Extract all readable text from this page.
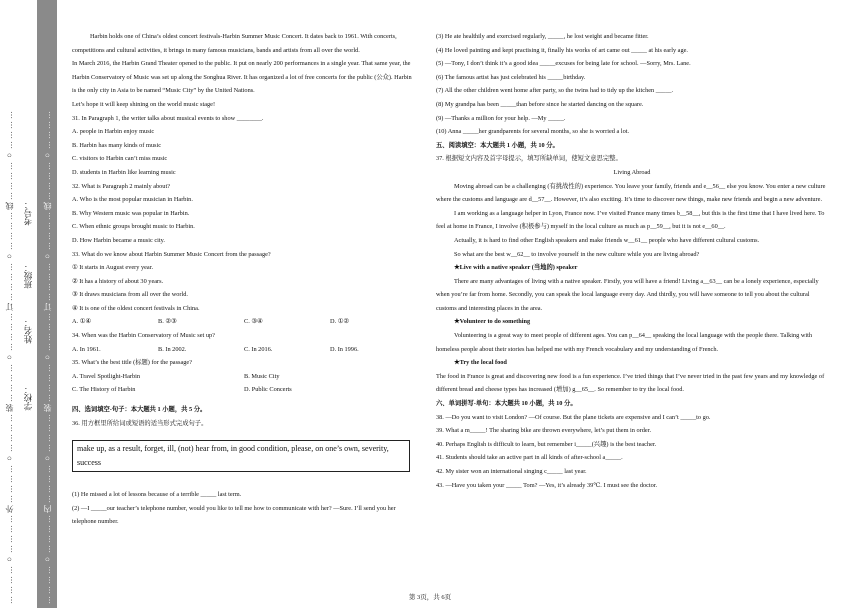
…………○…………外…………○…………装…………○…………订…………○…………线…………○…………	…………○…………内…………○…………装…………○…………订…………○…………线…………○…………
学校：
姓名：
班级：
考号：

Harbin holds one of China’s oldest concert festivals-Harbin Summer Music Concert. It dates back to 1961. With concerts, competitions and cultural activities, it brings in many famous musicians, bands and artists from all over the world.

In March 2016, the Harbin Grand Theater opened to the public. It put on nearly 200 performances in a single year. That same year, the Harbin Conservatory of Music was set up along the Songhua River. It has organized a lot of free concerts for the public (公众). Harbin is the only city in Asia to be named “Music City” by the United Nations.

Let’s hope it will keep shining on the world music stage!

31. In Paragraph 1, the writer talks about musical events to show ________.

A. people in Harbin enjoy music

B. Harbin has many kinds of music

C. visitors to Harbin can’t miss music

D. students in Harbin like learning music

32. What is Paragraph 2 mainly about?

A. Who is the most popular musician in Harbin.

B. Why Western music was popular in Harbin.

C. When ethnic groups brought music to Harbin.

D. How Harbin became a music city.

33. What do we know about Harbin Summer Music Concert from the passage?

① It starts in August every year.

② It has a history of about 30 years.

③ It draws musicians from all over the world.

④ It is one of the oldest concert festivals in China.

A. ①④	B. ②③	C. ③④	D. ①②

34. When was the Harbin Conservatory of Music set up?

A. In 1961.	B. In 2002.	C. In 2016.	D. In 1996.

35. What’s the best title (标题) for the passage?

A. Travel Spotlight-Harbin	B. Music City
C. The History of Harbin	D. Public Concerts

四、选词填空-句子：本大题共 1 小题，共 5 分。

36. 用方框里所给词或短语的适当形式完成句子。

make up, as a result, forget, ill, (not) hear from, in good condition, please, on one’s own, severity, success

(1) He missed a lot of lessons because of a terrible _____ last term.

(2) —I _____our teacher’s telephone number, would you like to tell me how to communicate with her? —Sure. I’ll send you her telephone number.

(3) He ate healthily and exercised regularly, _____, he lost weight and became fitter.

(4) He loved painting and kept practising it, finally his works of art came out _____ at his early age.

(5) —Tony, I don’t think it’s a good idea _____excuses for being late for school. —Sorry, Mrs. Lane.

(6) The famous artist has just celebrated his _____birthday.

(7) All the other children went home after party, so the twins had to tidy up the kitchen _____.

(8) My grandpa has been _____than before since he started dancing on the square.

(9) —Thanks a million for your help. —My _____.

(10) Anna _____her grandparents for several months, so she is worried a lot.

五、阅读填空：本大题共 1 小题，共 10 分。

37. 根据短文内容及首字母提示，填写所缺单词，使短文意思完整。

Living Abroad

Moving abroad can be a challenging (有挑战性的) experience. You leave your family, friends and e__56__ else you know. You enter a new culture where the customs and language are d__57__. However, it’s also exciting. It’s time to discover new things, make new friends and begin a new adventure.

I am working as a language helper in Lyon, France now. I’ve visited France many times b__58__, but this is the first time that I have lived here. To feel at home in France, I involve (积极参与) myself in the local culture as much as p__59__, but it is not e__60__.

Actually, it is hard to find other English speakers and make friends w__61__ people who have different cultural customs.

So what are the best w__62__ to involve yourself in the new culture while you are living abroad?

★Live with a native speaker (当地的) speaker

There are many advantages of living with a native speaker. Firstly, you will have a friend! Living a__63__ can be a lonely experience, especially when you’re far from home. Secondly, you can speak the local language every day. And thirdly, you will have someone to tell you about the cultural customs and interesting places in the area.

★Volunteer to do something

Volunteering is a great way to meet people of different ages. You can p__64__ speaking the local language with the people there. Talking with homeless people about their stories has helped me with my French vocabulary and my understanding of French.

★Try the local food

The food in France is great and discovering new food is a fun experience. I’ve tried things that I’ve never tried in the past few years and my knowledge of different bread and cheese types has increased (增加) g__65__. So remember to try the local food.

六、单词拼写-单句：本大题共 10 小题，共 10 分。

38. —Do you want to visit London? —Of course. But the plane tickets are expensive and I can’t _____to go.

39. What a m_____! The sharing bike are thrown everywhere, let’s put them in order.

40. Perhaps English is difficult to learn, but remember i_____(兴趣) is the best teacher.

41. Students should take an active part in all kinds of after-school a_____.

42. My sister won an international singing c_____ last year.

43. —Have you taken your _____ Tom? —Yes, it’s already 39℃. I must see the doctor.

第 3页，共 6页
